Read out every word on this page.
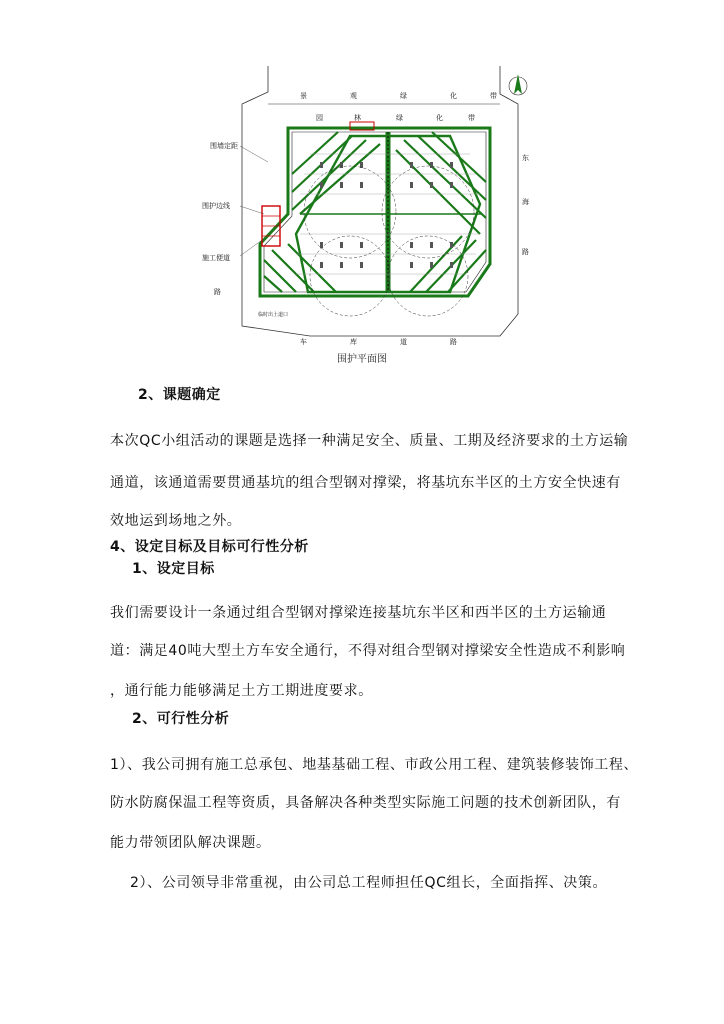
景	观	绿	化	带
园	林	绿	化	带
东
海
路
围墙定距
围护边线
施工便道
路
车	库	道	路
临时出土道口
围护平面图
2、课题确定
本次QC小组活动的课题是选择一种满足安全、质量、工期及经济要求的土方运输
通道，该通道需要贯通基坑的组合型钢对撑梁，将基坑东半区的土方安全快速有
效地运到场地之外。
4、设定目标及目标可行性分析
1、设定目标
我们需要设计一条通过组合型钢对撑梁连接基坑东半区和西半区的土方运输通
道：满足40吨大型土方车安全通行，不得对组合型钢对撑梁安全性造成不利影响
，通行能力能够满足土方工期进度要求。
2、可行性分析
1）、我公司拥有施工总承包、地基基础工程、市政公用工程、建筑装修装饰工程、
防水防腐保温工程等资质，具备解决各种类型实际施工问题的技术创新团队，有
能力带领团队解决课题。
2）、公司领导非常重视，由公司总工程师担任QC组长，全面指挥、决策。
